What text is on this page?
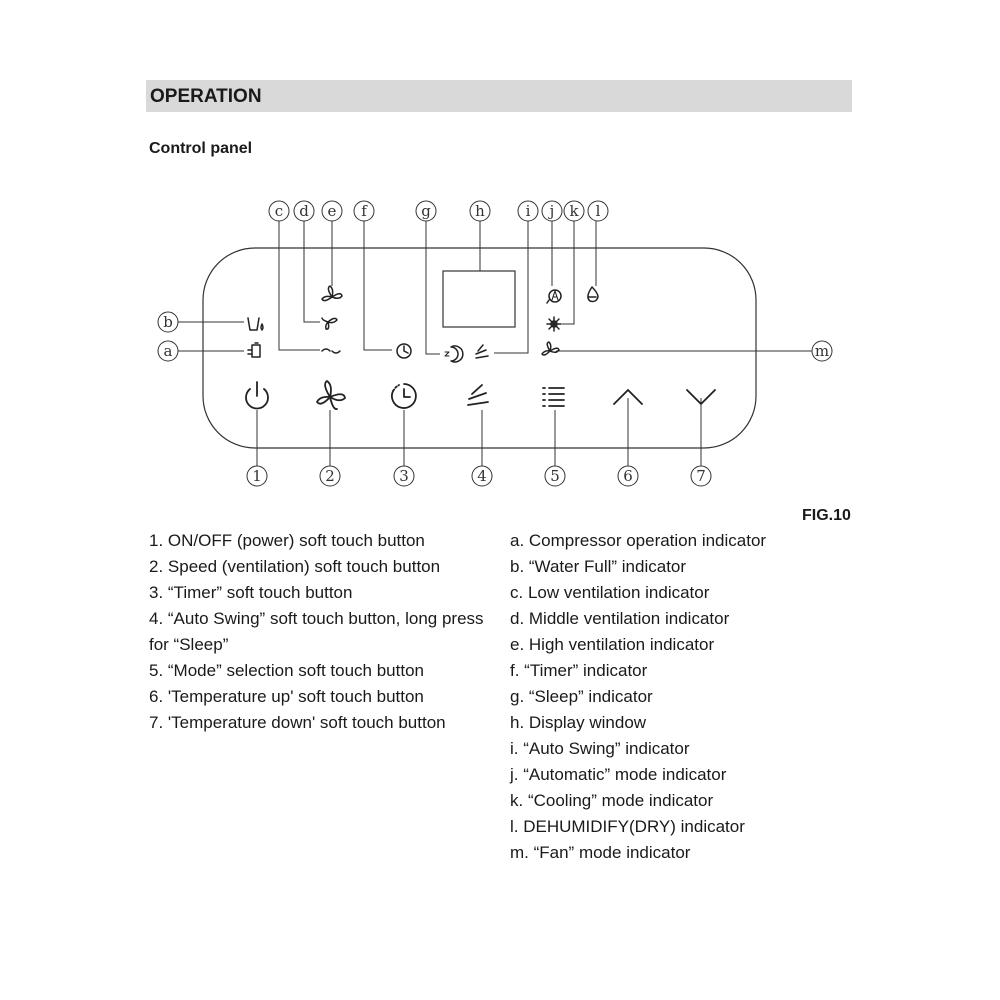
OPERATION
Control panel
b
a
c d e f	g	h	i j k l
m
1	2	3	4	5	6	7
FIG.10
1. ON/OFF (power) soft touch button
2. Speed (ventilation) soft touch button
3. “Timer” soft touch button
4. “Auto Swing” soft touch button, long press for “Sleep”
5. “Mode” selection soft touch button
6. 'Temperature up' soft touch button
7. 'Temperature down' soft touch button
a. Compressor operation indicator
b. “Water Full” indicator
c. Low ventilation indicator
d. Middle ventilation indicator
e. High ventilation indicator
f. “Timer” indicator
g. “Sleep” indicator
h. Display window
i. “Auto Swing” indicator
j. “Automatic” mode indicator
k. “Cooling” mode indicator
l. DEHUMIDIFY(DRY) indicator
m. “Fan” mode indicator
